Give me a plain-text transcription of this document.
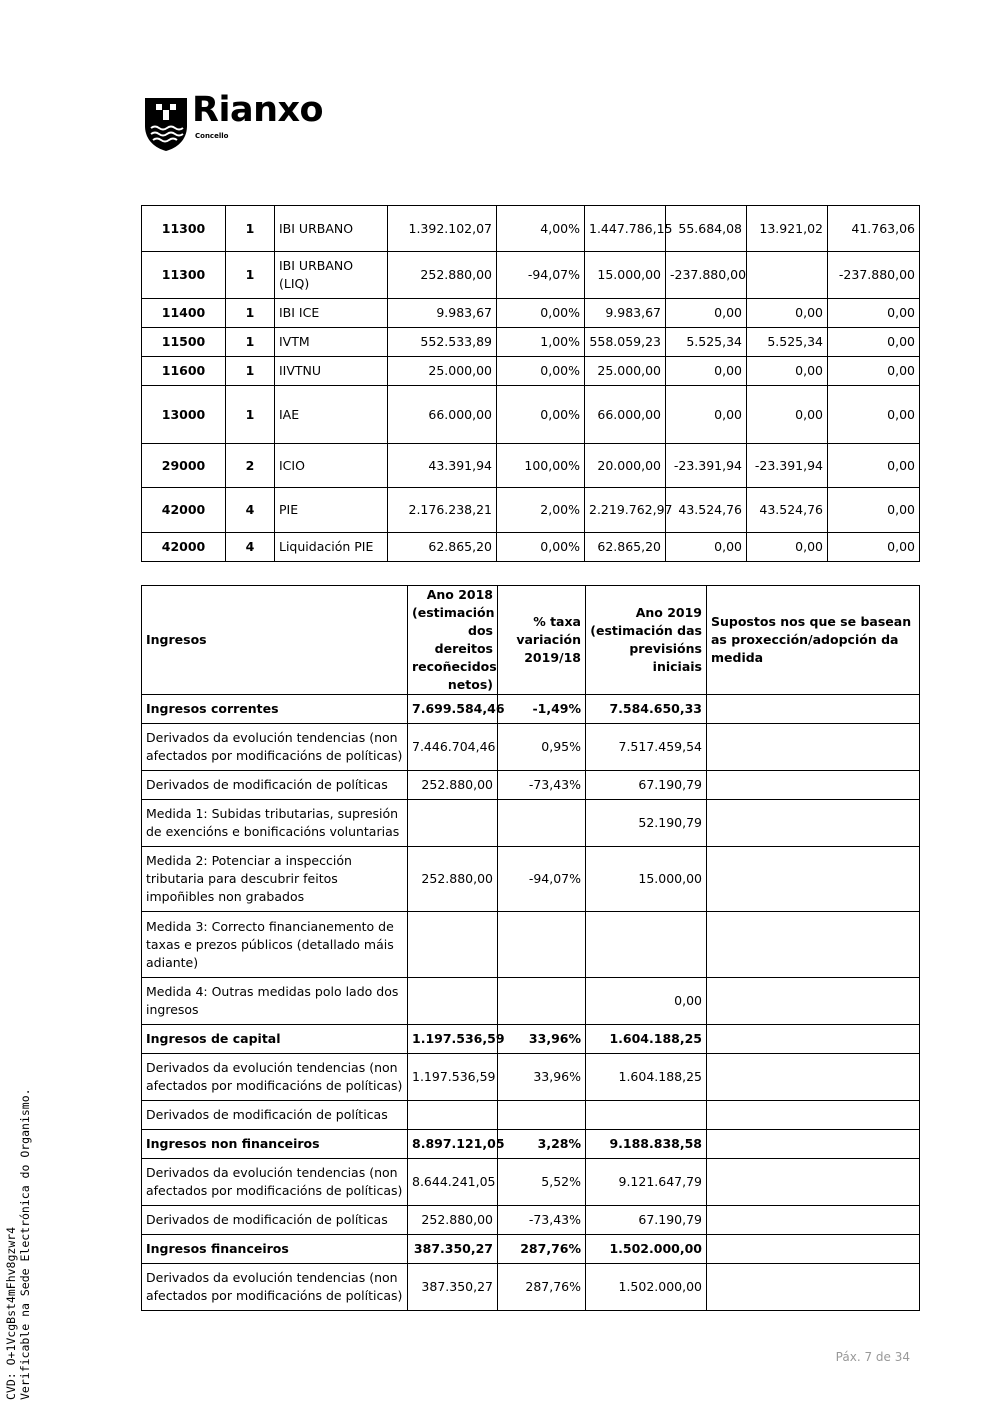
Rianxo
Concello
11300	1	IBI URBANO	1.392.102,07	4,00%	1.447.786,15	55.684,08	13.921,02	41.763,06
11300	1	IBI URBANO (LIQ)	252.880,00	-94,07%	15.000,00	-237.880,00		-237.880,00
11400	1	IBI ICE	9.983,67	0,00%	9.983,67	0,00	0,00	0,00
11500	1	IVTM	552.533,89	1,00%	558.059,23	5.525,34	5.525,34	0,00
11600	1	IIVTNU	25.000,00	0,00%	25.000,00	0,00	0,00	0,00
13000	1	IAE	66.000,00	0,00%	66.000,00	0,00	0,00	0,00
29000	2	ICIO	43.391,94	100,00%	20.000,00	-23.391,94	-23.391,94	0,00
42000	4	PIE	2.176.238,21	2,00%	2.219.762,97	43.524,76	43.524,76	0,00
42000	4	Liquidación PIE	62.865,20	0,00%	62.865,20	0,00	0,00	0,00
Ingresos	Ano 2018 (estimación dos dereitos recoñecidos netos)	% taxa variación 2019/18	Ano 2019 (estimación das previsións iniciais	Supostos nos que se basean as proxección/adopción da medida
Ingresos correntes	7.699.584,46	-1,49%	7.584.650,33	
Derivados da evolución tendencias (non afectados por modificacións de políticas)	7.446.704,46	0,95%	7.517.459,54	
Derivados de modificación de políticas	252.880,00	-73,43%	67.190,79	
Medida 1: Subidas tributarias, supresión de exencións e bonificacións voluntarias			52.190,79	
Medida 2: Potenciar a inspección tributaria para descubrir feitos impoñibles non grabados	252.880,00	-94,07%	15.000,00	
Medida 3: Correcto financianemento de taxas e prezos públicos (detallado máis adiante)				
Medida 4: Outras medidas polo lado dos ingresos			0,00	
Ingresos de capital	1.197.536,59	33,96%	1.604.188,25	
Derivados da evolución tendencias (non afectados por modificacións de políticas)	1.197.536,59	33,96%	1.604.188,25	
Derivados de modificación de políticas				
Ingresos non financeiros	8.897.121,05	3,28%	9.188.838,58	
Derivados da evolución tendencias (non afectados por modificacións de políticas)	8.644.241,05	5,52%	9.121.647,79	
Derivados de modificación de políticas	252.880,00	-73,43%	67.190,79	
Ingresos financeiros	387.350,27	287,76%	1.502.000,00	
Derivados da evolución tendencias (non afectados por modificacións de políticas)	387.350,27	287,76%	1.502.000,00	
CVD: O+1VcgBst4mFhv8gzwr4 Verificable na Sede Electrónica do Organismo.	Páx. 7 de 34
